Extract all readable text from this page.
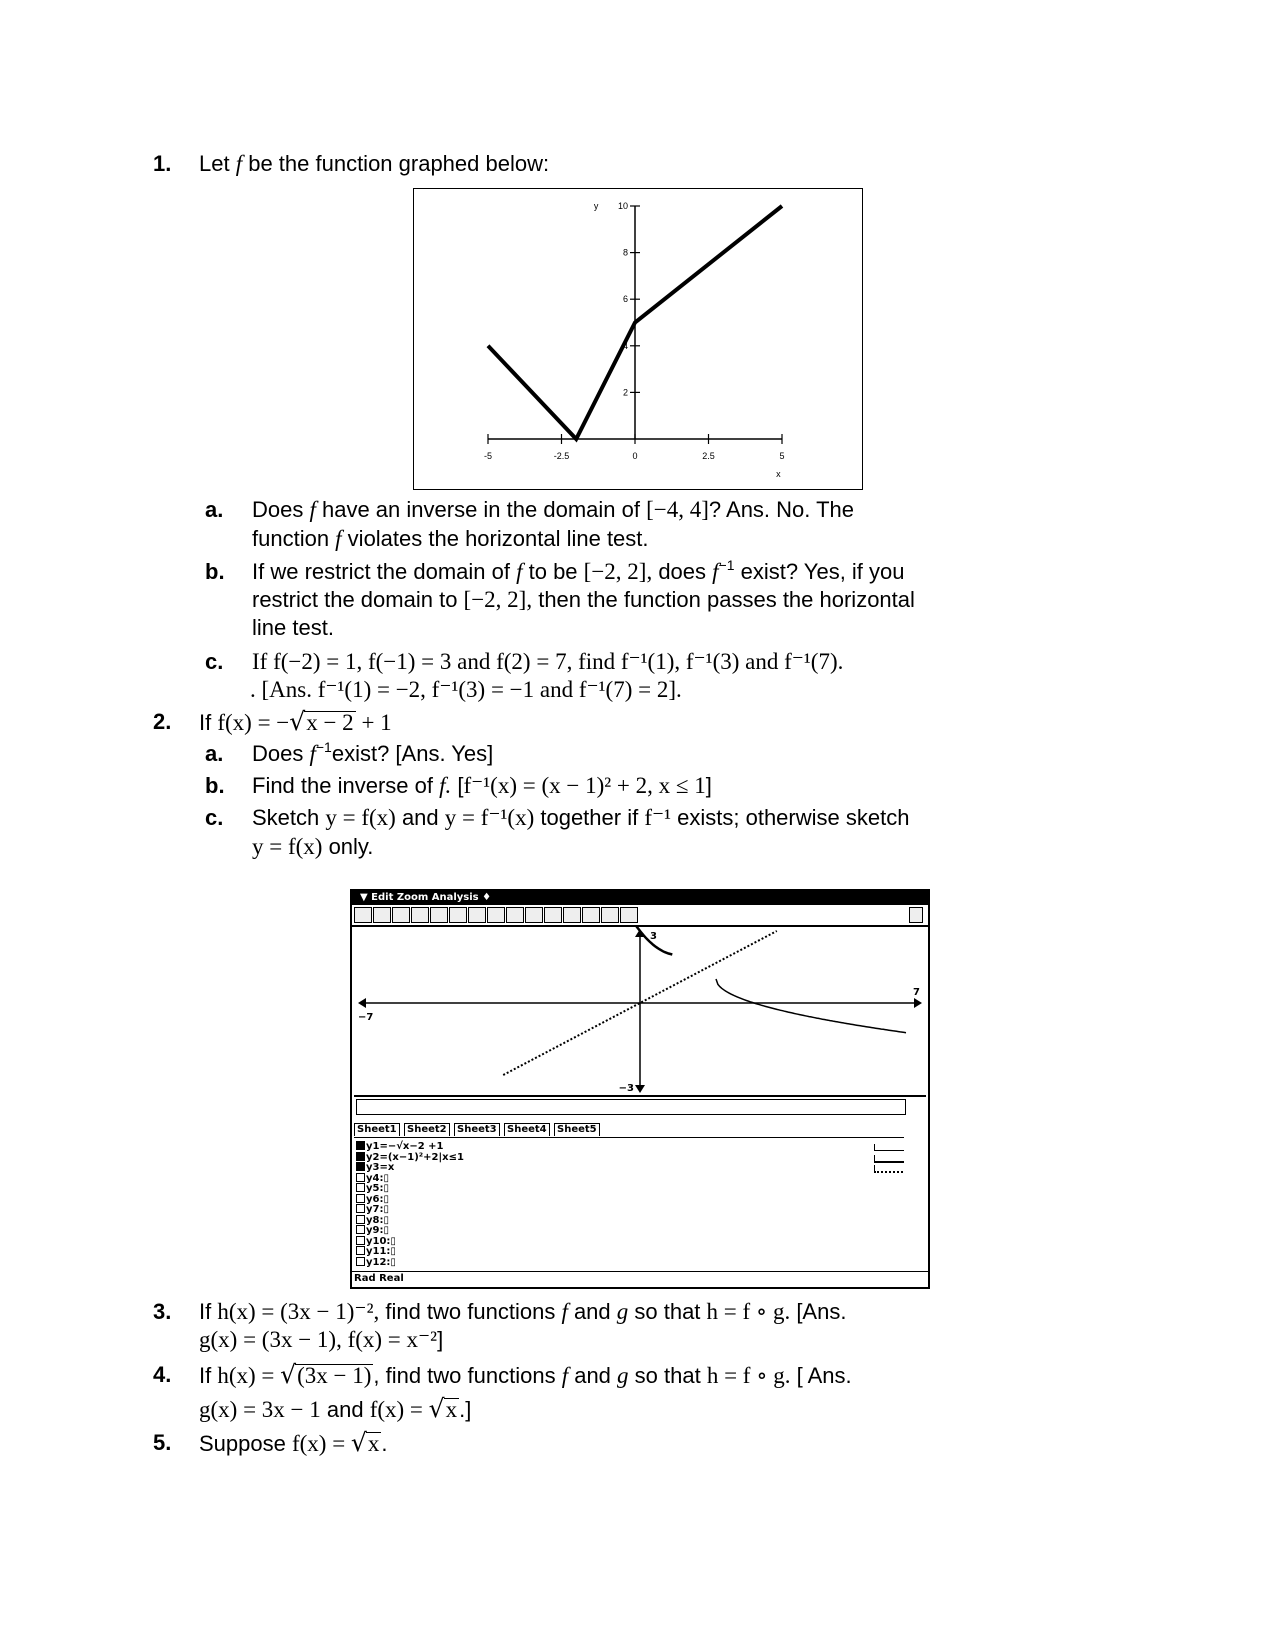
1. Let f be the function graphed below:
-5	-2.5	0	2.5	5
2
4
6
8
10
y
x
a. Does f have an inverse in the domain of [−4, 4]? Ans. No. The
function f violates the horizontal line test.
b. If we restrict the domain of f to be [−2, 2], does $f^{-1}$ exist? Yes, if you
restrict the domain to [−2, 2], then the function passes the horizontal
line test.
c. If f(−2) = 1, f(−1) = 3 and f(2) = 7, find f⁻¹(1), f⁻¹(3) and f⁻¹(7).
. [Ans. f⁻¹(1) = −2, f⁻¹(3) = −1 and f⁻¹(7) = 2].
2. If f(x) = −√x − 2 + 1
a. Does $f^{-1}exist$? [Ans. Yes]
b. Find the inverse of f. [f⁻¹(x) = (x − 1)² + 2, x ≤ 1]
c. Sketch y = f(x) and y = f⁻¹(x) together if f⁻¹ exists; otherwise sketch
y = f(x) only.
▼ Edit Zoom Analysis ♦
3
−3
−7
7
Sheet1	Sheet2	Sheet3	Sheet4	Sheet5
y1=−√x−2 +1
y2=(x−1)²+2|x≤1
y3=x
y4:▯
y5:▯
y6:▯
y7:▯
y8:▯
y9:▯
y10:▯
y11:▯
y12:▯
Rad Real
3. If h(x) = (3x − 1)⁻², find two functions f and g so that h = f ∘ g. [Ans.
g(x) = (3x − 1), f(x) = x⁻²]
4. If h(x) = √(3x − 1), find two functions f and g so that h = f ∘ g. [ Ans.
g(x) = 3x − 1 and f(x) = √x.]
5. Suppose f(x) = √x.
